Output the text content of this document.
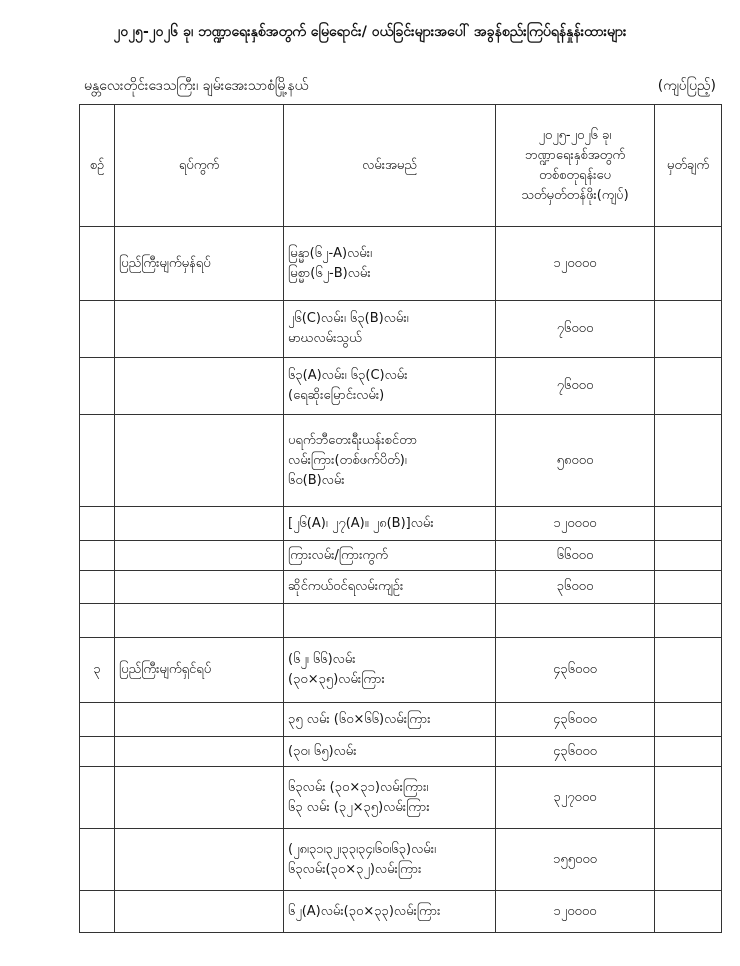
၂၀၂၅-၂၀၂၆ ခု၊ ဘဏ္ဍာရေးနှစ်အတွက် မြေရောင်း/ ဝယ်ခြင်းများအပေါ် အခွန်စည်းကြပ်ရန်နှုန်းထားများ
မန္တလေးတိုင်းဒေသကြီး၊ ချမ်းအေးသာစံမြို့နယ်	(ကျပ်ပြည့်)
စဉ်	ရပ်ကွက်	လမ်းအမည်	၂၀၂၅-၂၀၂၆ ခု၊
ဘဏ္ဍာရေးနှစ်အတွက်
တစ်စတုရန်းပေ
သတ်မှတ်တန်ဖိုး(ကျပ်)	မှတ်ချက်
	ပြည်ကြီးမျက်မှန်ရပ်	မြန္မာ(၆၂-A)လမ်း၊
မြစ္မာ(၆၂-B)လမ်း	၁၂၀၀၀၀	

		၂၆(C)လမ်း၊ ၆၃(B)လမ်း၊
မာဃလမ်းသွယ်	၇၆၀၀၀	

		၆၃(A)လမ်း၊ ၆၃(C)လမ်း
(ရေဆိုးမြောင်းလမ်း)	၇၆၀၀၀	

		ပရက်ဘီတေးရီးယန်းစင်တာ
လမ်းကြား(တစ်ဖက်ပိတ်)၊
၆၀(B)လမ်း	၅၈၀၀၀	

		[၂၆(A)၊ ၂၇(A)။ ၂၈(B)]လမ်း	၁၂၀၀၀၀	

		ကြားလမ်း/ကြားကွက်	၆၆၀၀၀	

		ဆိုင်ကယ်ဝင်ရလမ်းကျဉ်း	၃၆၀၀၀	

၃	ပြည်ကြီးမျက်ရှင်ရပ်	(၆၂၊ ၆၆)လမ်း
(၃၀×၃၅)လမ်းကြား	၄၃၆၀၀၀	

		၃၅ လမ်း (၆၀×၆၆)လမ်းကြား	၄၃၆၀၀၀	

		(၃၀၊ ၆၅)လမ်း	၄၃၆၀၀၀	

		၆၃လမ်း (၃၀×၃၁)လမ်းကြား၊
၆၃ လမ်း (၃၂×၃၅)လမ်းကြား	၃၂၇၀၀၀	

		(၂၈၊၃၁၊၃၂၊၃၃၊၃၄၊၆၀၊၆၃)လမ်း၊
၆၃လမ်း(၃၀×၃၂)လမ်းကြား	၁၅၅၀၀၀	

		၆၂(A)လမ်း(၃၀×၃၃)လမ်းကြား	၁၂၀၀၀၀	
